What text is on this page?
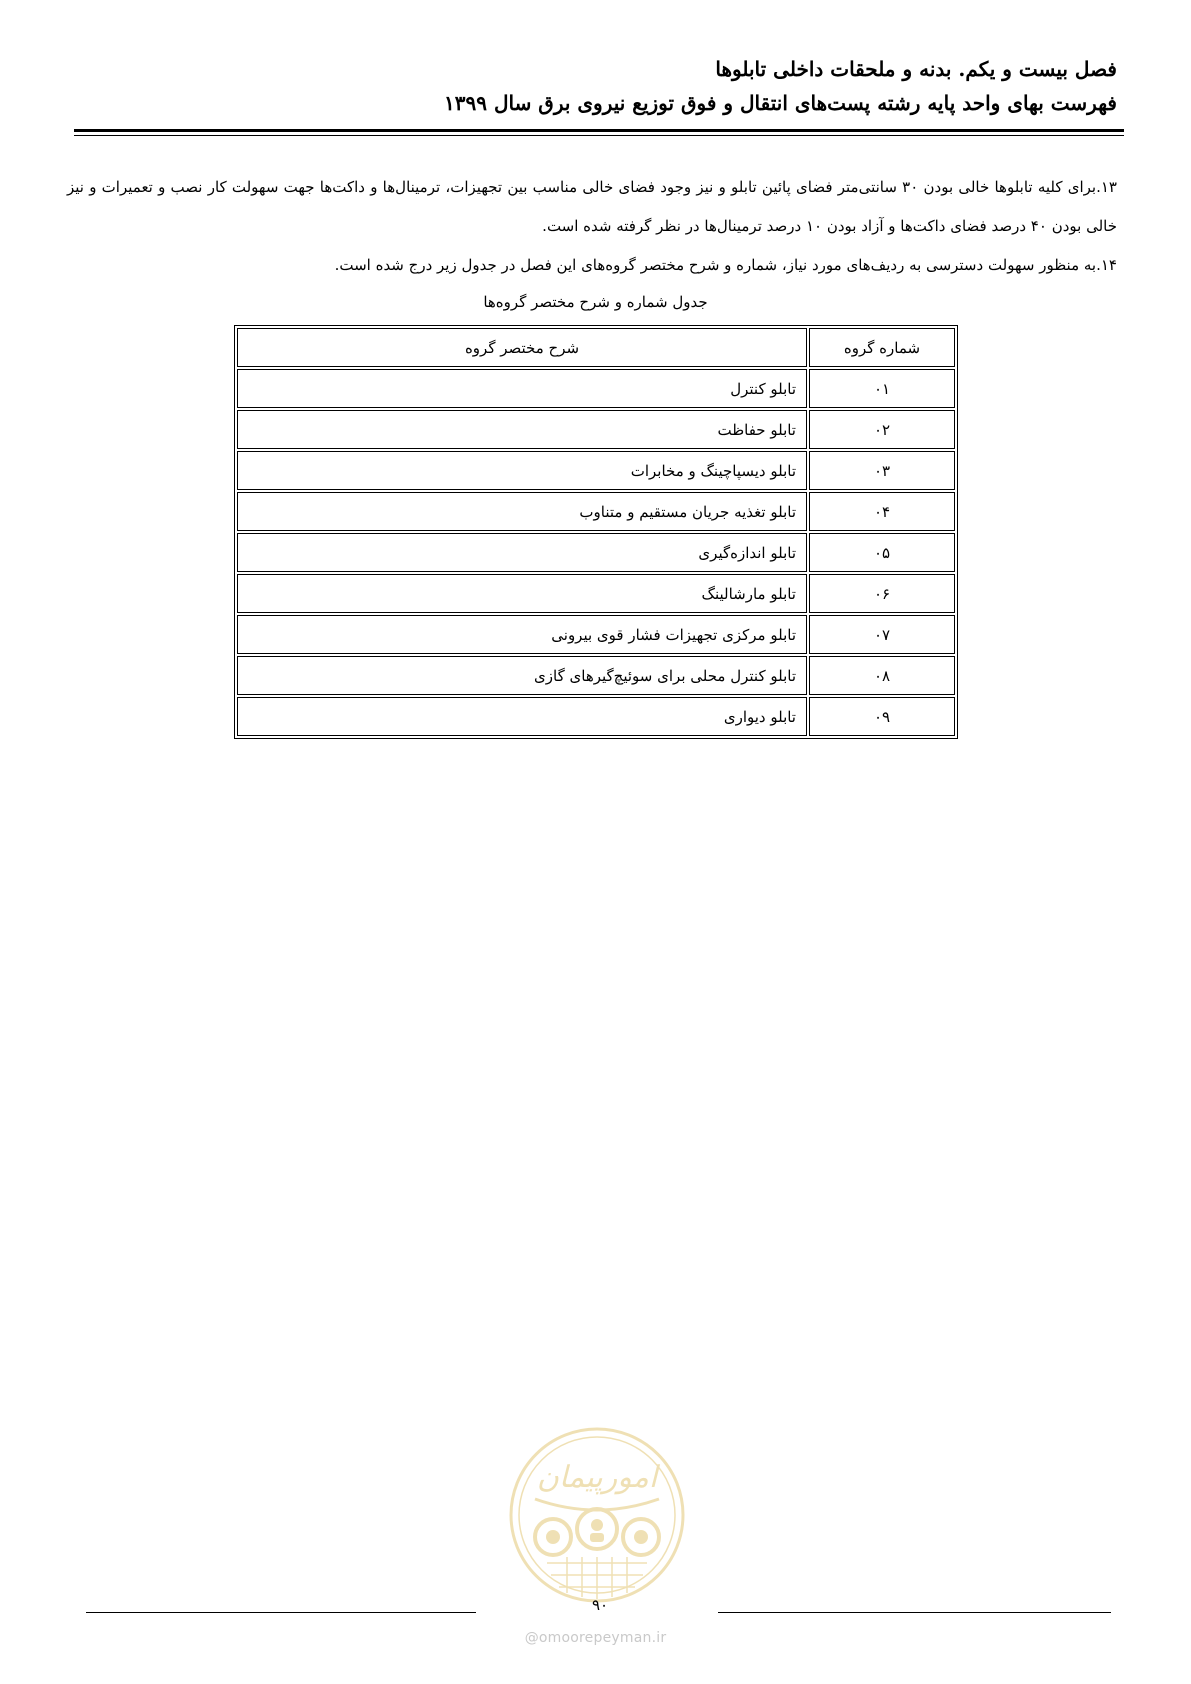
فصل بیست و یکم. بدنه و ملحقات داخلی تابلوها
فهرست بهای واحد پایه رشته پست‌های انتقال و فوق توزیع نیروی برق سال ۱۳۹۹

۱۳.برای کلیه تابلوها خالی بودن ۳۰ سانتی‌متر فضای پائین تابلو و نیز وجود فضای خالی مناسب بین تجهیزات، ترمینال‌ها و داکت‌ها جهت سهولت کار نصب و تعمیرات و نیز خالی بودن ۴۰ درصد فضای داکت‌ها و آزاد بودن ۱۰ درصد ترمینال‌ها در نظر گرفته شده است.

۱۴.به منظور سهولت دسترسی به ردیف‌های مورد نیاز، شماره و شرح مختصر گروه‌های این فصل در جدول زیر درج شده است.

جدول شماره و شرح مختصر گروه‌ها
شماره گروه	شرح مختصر گروه
۰۱	تابلو کنترل
۰۲	تابلو حفاظت
۰۳	تابلو دیسپاچینگ و مخابرات
۰۴	تابلو تغذیه جریان مستقیم و متناوب
۰۵	تابلو اندازه‌گیری
۰۶	تابلو مارشالینگ
۰۷	تابلو مرکزی تجهیزات فشار قوی بیرونی
۰۸	تابلو کنترل محلی برای سوئیچ‌گیرهای گازی
۰۹	تابلو دیواری
امورپیمان
۹۰
@omoorepeyman.ir
